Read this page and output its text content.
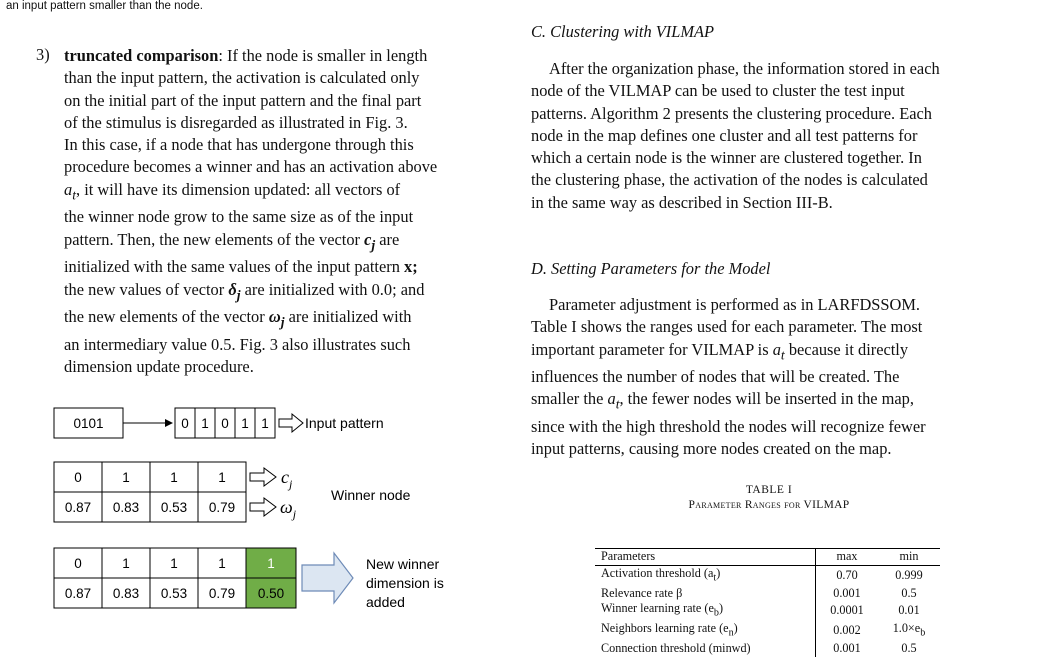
an input pattern smaller than the node.
3) truncated comparison: If the node is smaller in length
than the input pattern, the activation is calculated only
on the initial part of the input pattern and the final part
of the stimulus is disregarded as illustrated in Fig. 3.
In this case, if a node that has undergone through this
procedure becomes a winner and has an activation above
$a_t$, it will have its dimension updated: all vectors of
the winner node grow to the same size as of the input
pattern. Then, the new elements of the vector $c_j$ are
initialized with the same values of the input pattern x;
the new values of vector $\delta_j$ are initialized with 0.0; and
the new elements of the vector $\omega_j$ are initialized with
an intermediary value 0.5. Fig. 3 also illustrates such
dimension update procedure.
0101	0 1 0 1 1	Input pattern
0	1	1	1
0.87 0.83 0.53 0.79
$c_j$
$\omega_j$
Winner node
0	1	1	1	1
0.87 0.83 0.53 0.79 0.50
New winner
dimension is
added
C. Clustering with VILMAP
After the organization phase, the information stored in each
node of the VILMAP can be used to cluster the test input
patterns. Algorithm 2 presents the clustering procedure. Each
node in the map defines one cluster and all test patterns for
which a certain node is the winner are clustered together. In
the clustering phase, the activation of the nodes is calculated
in the same way as described in Section III-B.
D. Setting Parameters for the Model
Parameter adjustment is performed as in LARFDSSOM.
Table I shows the ranges used for each parameter. The most
important parameter for VILMAP is $a_t$ because it directly
influences the number of nodes that will be created. The
smaller the $a_t$, the fewer nodes will be inserted in the map,
since with the high threshold the nodes will recognize fewer
input patterns, causing more nodes created on the map.
TABLE I
Parameter Ranges for VILMAP
Parameters	max	min
Activation threshold $(a_t)$	0.70	0.999
Relevance rate β	0.001	0.5
Winner learning rate $(e_b)$	0.0001	0.01
Neighbors learning rate $(e_n)$	0.002	$1.0\times e_b$
Connection threshold (minwd)	0.001	0.5
